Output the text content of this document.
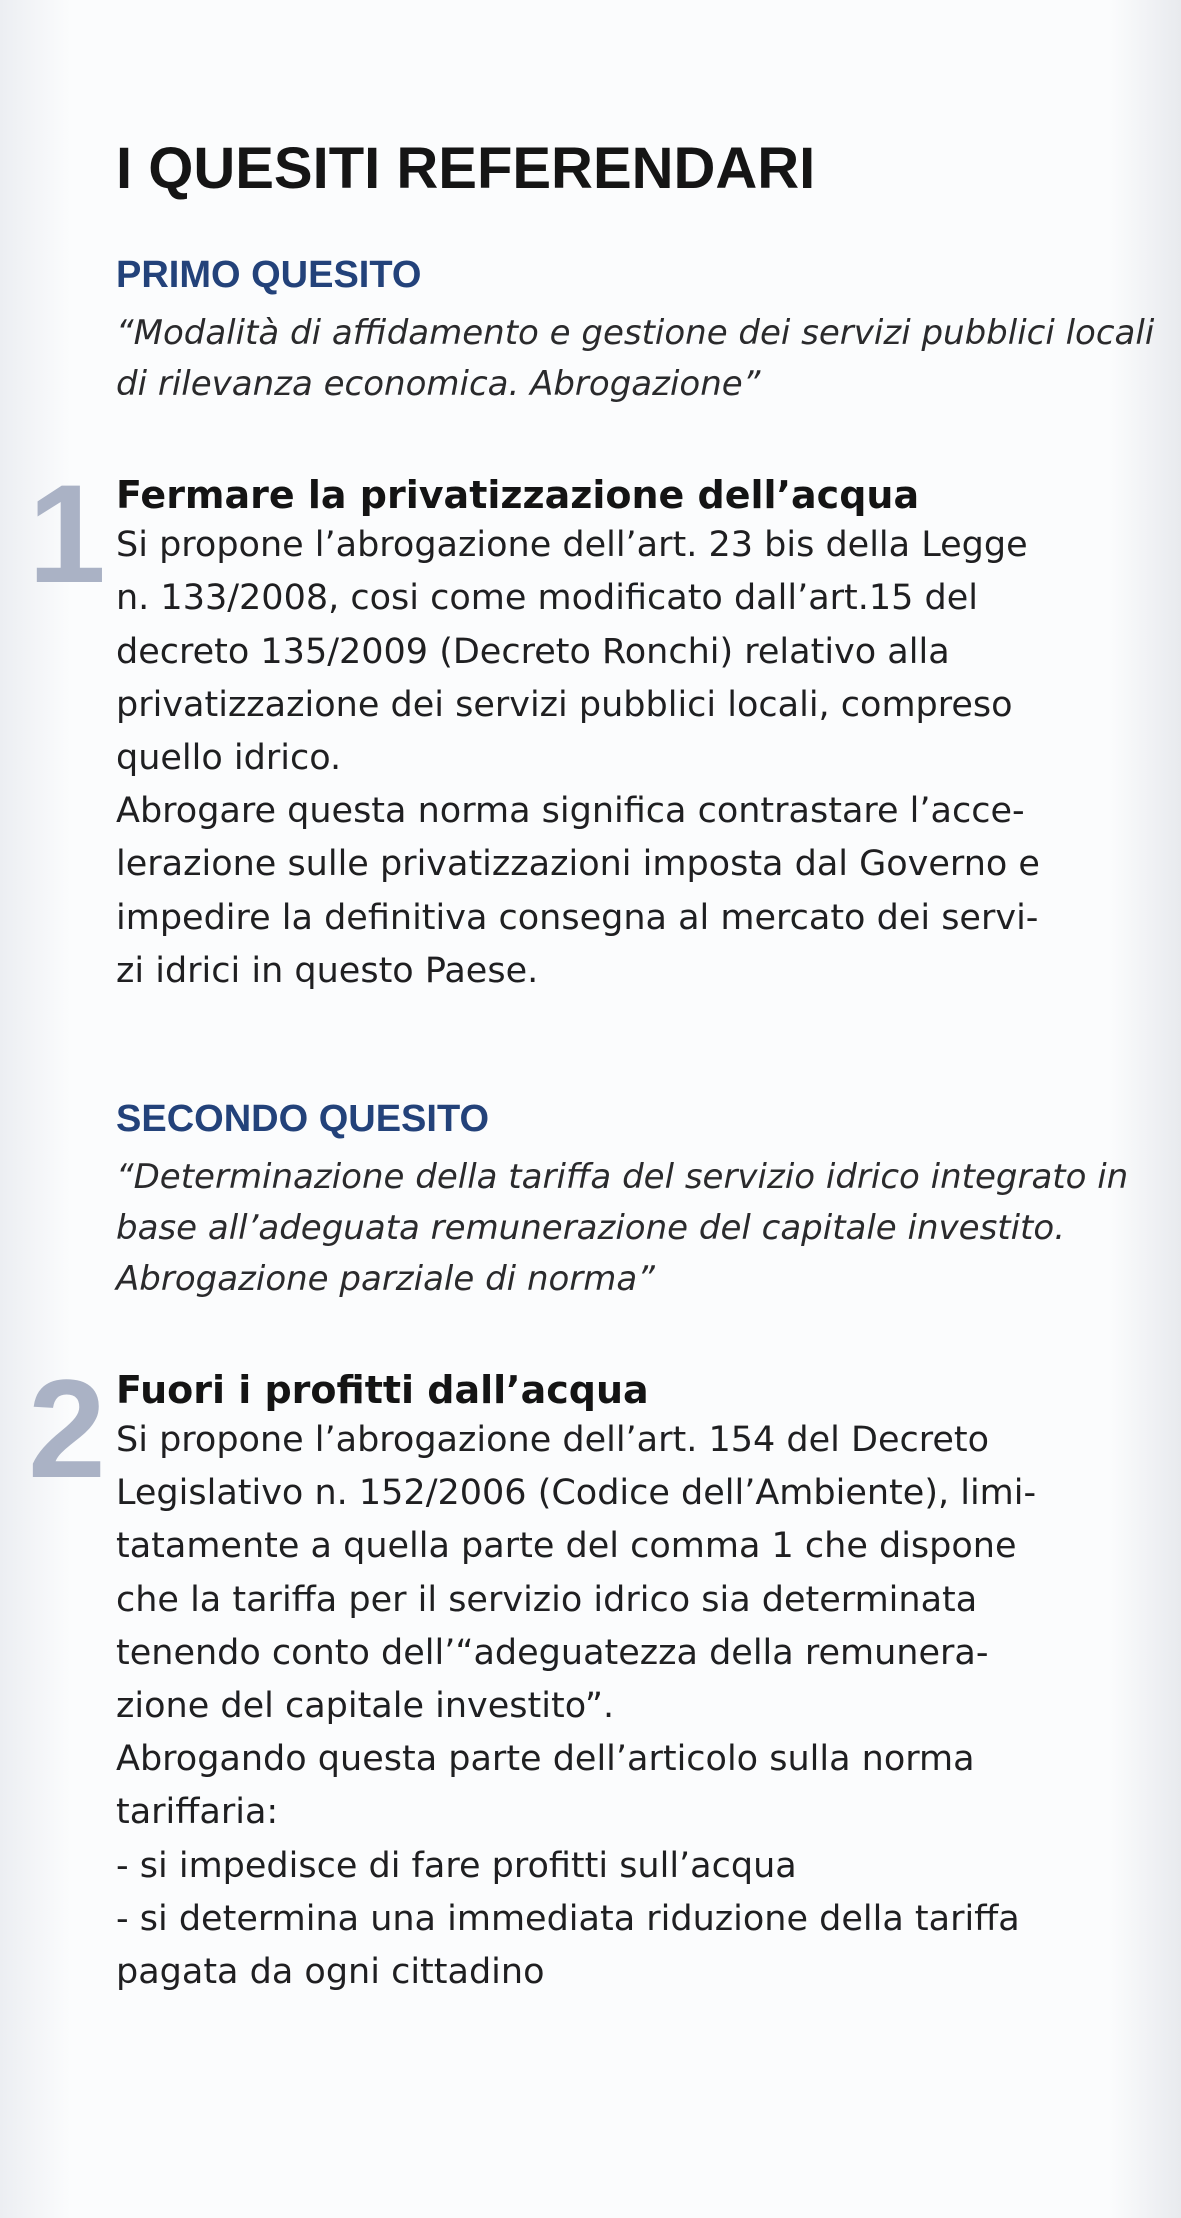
I QUESITI REFERENDARI
PRIMO QUESITO

“Modalità di affidamento e gestione dei servizi pubblici locali di rilevanza economica. Abrogazione”

1 Fermare la privatizzazione dell’acqua

Si propone l’abrogazione dell’art. 23 bis della Legge
n. 133/2008, cosi come modificato dall’art.15 del
decreto 135/2009 (Decreto Ronchi) relativo alla
privatizzazione dei servizi pubblici locali, compreso
quello idrico.
Abrogare questa norma significa contrastare l’acce-
lerazione sulle privatizzazioni imposta dal Governo e
impedire la definitiva consegna al mercato dei servi-
zi idrici in questo Paese.

SECONDO QUESITO

“Determinazione della tariffa del servizio idrico integrato in base all’adeguata remunerazione del capitale investito. Abrogazione parziale di norma”

2 Fuori i profitti dall’acqua

Si propone l’abrogazione dell’art. 154 del Decreto
Legislativo n. 152/2006 (Codice dell’Ambiente), limi-
tatamente a quella parte del comma 1 che dispone
che la tariffa per il servizio idrico sia determinata
tenendo conto dell’“adeguatezza della remunera-
zione del capitale investito”.
Abrogando questa parte dell’articolo sulla norma
tariffaria:
- si impedisce di fare profitti sull’acqua
- si determina una immediata riduzione della tariffa
pagata da ogni cittadino
